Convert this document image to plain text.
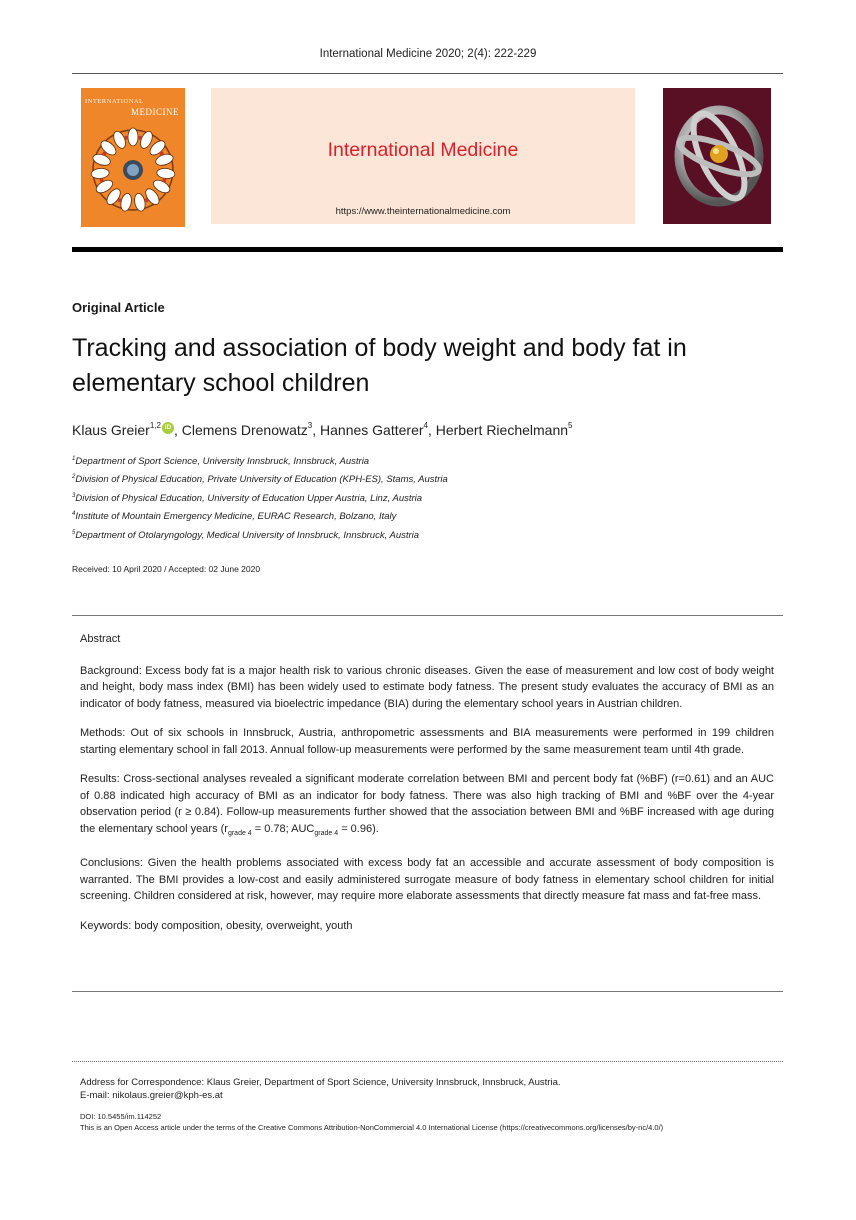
International Medicine 2020; 2(4): 222-229
INTERNATIONAL
MEDICINE
International Medicine
https://www.theinternationalmedicine.com
Original Article
Tracking and association of body weight and body fat in elementary school children
Klaus Greier$^{1,2}$ iD , Clemens Drenowatz$^3$, Hannes Gatterer$^4$, Herbert Riechelmann$^5$
$^1$Department of Sport Science, University Innsbruck, Innsbruck, Austria
$^2$Division of Physical Education, Private University of Education (KPH-ES), Stams, Austria
$^3$Division of Physical Education, University of Education Upper Austria, Linz, Austria
$^4$Institute of Mountain Emergency Medicine, EURAC Research, Bolzano, Italy
$^5$Department of Otolaryngology, Medical University of Innsbruck, Innsbruck, Austria
Received: 10 April 2020 / Accepted: 02 June 2020
Abstract

Background: Excess body fat is a major health risk to various chronic diseases. Given the ease of measurement and low cost of body weight and height, body mass index (BMI) has been widely used to estimate body fatness. The present study evaluates the accuracy of BMI as an indicator of body fatness, measured via bioelectric impedance (BIA) during the elementary school years in Austrian children.

Methods: Out of six schools in Innsbruck, Austria, anthropometric assessments and BIA measurements were performed in 199 children starting elementary school in fall 2013. Annual follow-up measurements were performed by the same measurement team until 4th grade.

Results: Cross-sectional analyses revealed a significant moderate correlation between BMI and percent body fat (%BF) (r=0.61) and an AUC of 0.88 indicated high accuracy of BMI as an indicator for body fatness. There was also high tracking of BMI and %BF over the 4-year observation period (r ≥ 0.84). Follow-up measurements further showed that the association between BMI and %BF increased with age during the elementary school years ($r_{grade 4} = 0.78$; $AUC_{grade 4} = 0.96$).

Conclusions: Given the health problems associated with excess body fat an accessible and accurate assessment of body composition is warranted. The BMI provides a low-cost and easily administered surrogate measure of body fatness in elementary school children for initial screening. Children considered at risk, however, may require more elaborate assessments that directly measure fat mass and fat-free mass.

Keywords: body composition, obesity, overweight, youth

Address for Correspondence: Klaus Greier, Department of Sport Science, University Innsbruck, Innsbruck, Austria.
E-mail: nikolaus.greier@kph-es.at
DOI: 10.5455/im.114252
This is an Open Access article under the terms of the Creative Commons Attribution-NonCommercial 4.0 International License (https://creativecommons.org/licenses/by-nc/4.0/)
